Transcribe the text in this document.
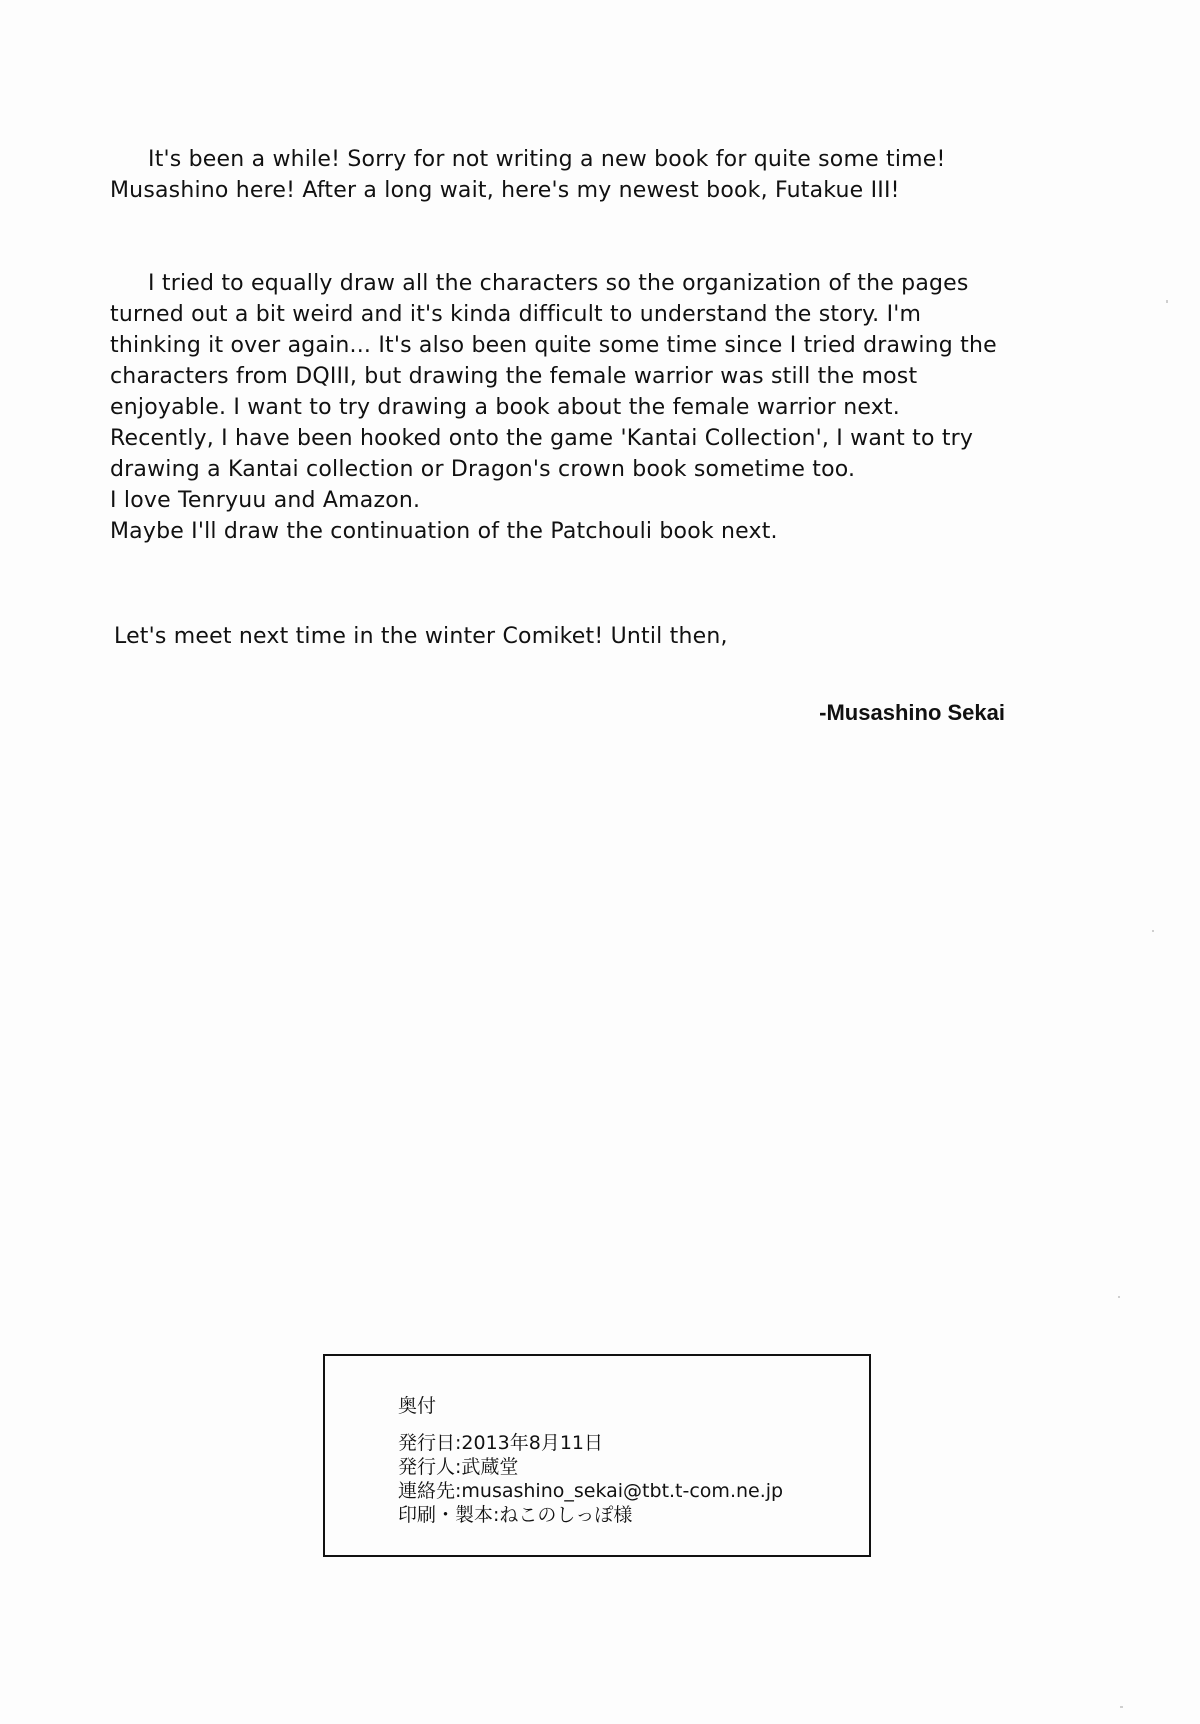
It's been a while! Sorry for not writing a new book for quite some time!
Musashino here! After a long wait, here's my newest book, Futakue III!
I tried to equally draw all the characters so the organization of the pages
turned out a bit weird and it's kinda difficult to understand the story. I'm
thinking it over again... It's also been quite some time since I tried drawing the
characters from DQIII, but drawing the female warrior was still the most
enjoyable. I want to try drawing a book about the female warrior next.
Recently, I have been hooked onto the game 'Kantai Collection', I want to try
drawing a Kantai collection or Dragon's crown book sometime too.
I love Tenryuu and Amazon.
Maybe I'll draw the continuation of the Patchouli book next.
Let's meet next time in the winter Comiket! Until then,
-Musashino Sekai
奥付
発行日:2013年8月11日
発行人:武蔵堂
連絡先:musashino_sekai@tbt.t-com.ne.jp
印刷・製本:ねこのしっぽ様
